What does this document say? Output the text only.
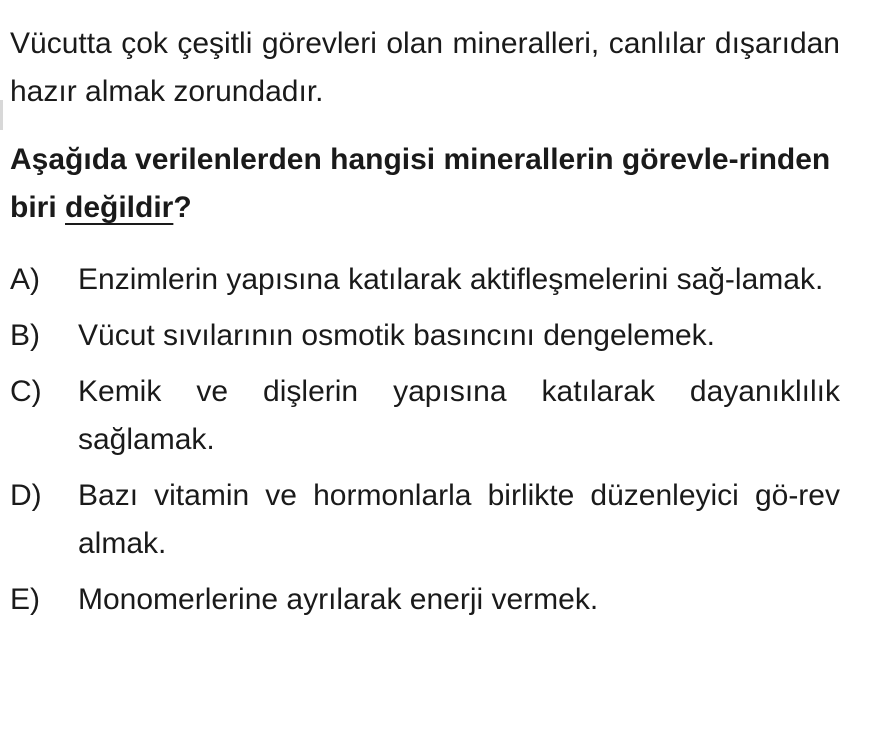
Vücutta çok çeşitli görevleri olan mineralleri, canlılar dışarıdan hazır almak zorundadır.

Aşağıda verilenlerden hangisi minerallerin görevle-rinden biri değildir?

A)	Enzimlerin yapısına katılarak aktifleşmelerini sağ-lamak.
B)	Vücut sıvılarının osmotik basıncını dengelemek.
C)	Kemik ve dişlerin yapısına katılarak dayanıklılık sağlamak.
D)	Bazı vitamin ve hormonlarla birlikte düzenleyici gö-rev almak.
E)	Monomerlerine ayrılarak enerji vermek.
